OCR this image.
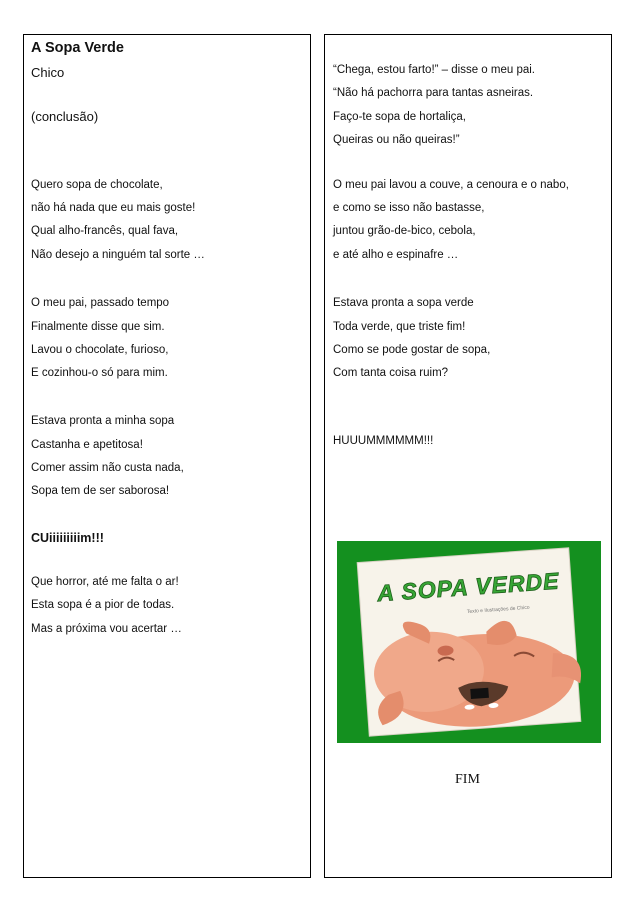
A Sopa Verde
Chico
(conclusão)
Quero sopa de chocolate,
não há nada que eu mais goste!
Qual alho-francês, qual fava,
Não desejo a ninguém tal sorte …
O meu pai, passado tempo
Finalmente disse que sim.
Lavou o chocolate, furioso,
E cozinhou-o só para mim.
Estava pronta a minha sopa
Castanha e apetitosa!
Comer assim não custa nada,
Sopa tem de ser saborosa!
CUiiiiiiiiim!!!
Que horror, até me falta o ar!
Esta sopa é a pior de todas.
Mas a próxima vou acertar …
“Chega, estou farto!” – disse o meu pai.
“Não há pachorra para tantas asneiras.
Faço-te sopa de hortaliça,
Queiras ou não queiras!”
O meu pai lavou a couve, a cenoura e o nabo,
e como se isso não bastasse,
juntou grão-de-bico, cebola,
e até alho e espinafre …
Estava pronta a sopa verde
Toda verde, que triste fim!
Como se pode gostar de sopa,
Com tanta coisa ruim?
HUUUMMMMMM!!!
A SOPA VERDE
Texto e Ilustrações de Chico
FIM
